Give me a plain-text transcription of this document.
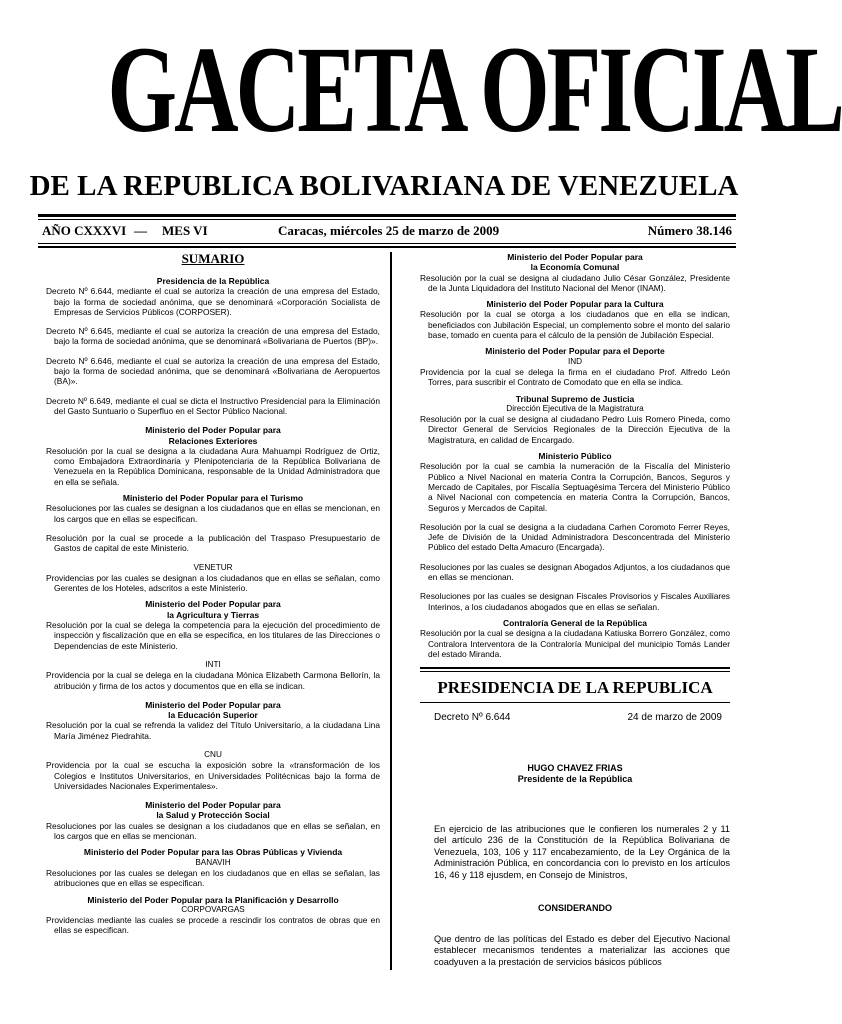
GACETA OFICIAL
DE LA REPUBLICA BOLIVARIANA DE VENEZUELA
AÑO CXXXVI — MES VI	Caracas, miércoles 25 de marzo de 2009	Número 38.146
SUMARIO
Presidencia de la República
Decreto Nº 6.644, mediante el cual se autoriza la creación de una empresa del Estado, bajo la forma de sociedad anónima, que se denominará «Corporación Socialista de Empresas de Servicios Públicos (CORPOSER).
Decreto Nº 6.645, mediante el cual se autoriza la creación de una empresa del Estado, bajo la forma de sociedad anónima, que se denominará «Bolivariana de Puertos (BP)».
Decreto Nº 6.646, mediante el cual se autoriza la creación de una empresa del Estado, bajo la forma de sociedad anónima, que se denominará «Bolivariana de Aeropuertos (BA)».
Decreto Nº 6.649, mediante el cual se dicta el Instructivo Presidencial para la Eliminación del Gasto Suntuario o Superfluo en el Sector Público Nacional.
Ministerio del Poder Popular para
Relaciones Exteriores
Resolución por la cual se designa a la ciudadana Aura Mahuampi Rodríguez de Ortiz, como Embajadora Extraordinaria y Plenipotenciaria de la República Bolivariana de Venezuela en la República Dominicana, responsable de la Unidad Administradora que en ella se señala.
Ministerio del Poder Popular para el Turismo
Resoluciones por las cuales se designan a los ciudadanos que en ellas se mencionan, en los cargos que en ellas se especifican.
Resolución por la cual se procede a la publicación del Traspaso Presupuestario de Gastos de capital de este Ministerio.
VENETUR
Providencias por las cuales se designan a los ciudadanos que en ellas se señalan, como Gerentes de los Hoteles, adscritos a este Ministerio.
Ministerio del Poder Popular para
la Agricultura y Tierras
Resolución por la cual se delega la competencia para la ejecución del procedimiento de inspección y fiscalización que en ella se especifica, en los titulares de las Direcciones o Dependencias de este Ministerio.
INTI
Providencia por la cual se delega en la ciudadana Mónica Elizabeth Carmona Bellorín, la atribución y firma de los actos y documentos que en ella se indican.
Ministerio del Poder Popular para
la Educación Superior
Resolución por la cual se refrenda la validez del Título Universitario, a la ciudadana Lina María Jiménez Piedrahita.
CNU
Providencia por la cual se escucha la exposición sobre la «transformación de los Colegios e Institutos Universitarios, en Universidades Politécnicas bajo la forma de Universidades Nacionales Experimentales».
Ministerio del Poder Popular para
la Salud y Protección Social
Resoluciones por las cuales se designan a los ciudadanos que en ellas se señalan, en los cargos que en ellas se mencionan.
Ministerio del Poder Popular para las Obras Públicas y Vivienda
BANAVIH
Resoluciones por las cuales se delegan en los ciudadanos que en ellas se señalan, las atribuciones que en ellas se especifican.
Ministerio del Poder Popular para la Planificación y Desarrollo
CORPOVARGAS
Providencias mediante las cuales se procede a rescindir los contratos de obras que en ellas se especifican.
Ministerio del Poder Popular para
la Economía Comunal
Resolución por la cual se designa al ciudadano Julio César González, Presidente de la Junta Liquidadora del Instituto Nacional del Menor (INAM).
Ministerio del Poder Popular para la Cultura
Resolución por la cual se otorga a los ciudadanos que en ella se indican, beneficiados con Jubilación Especial, un complemento sobre el monto del salario base, tomado en cuenta para el cálculo de la pensión de Jubilación Especial.
Ministerio del Poder Popular para el Deporte
IND
Providencia por la cual se delega la firma en el ciudadano Prof. Alfredo León Torres, para suscribir el Contrato de Comodato que en ella se indica.
Tribunal Supremo de Justicia
Dirección Ejecutiva de la Magistratura
Resolución por la cual se designa al ciudadano Pedro Luis Romero Pineda, como Director General de Servicios Regionales de la Dirección Ejecutiva de la Magistratura, en calidad de Encargado.
Ministerio Público
Resolución por la cual se cambia la numeración de la Fiscalía del Ministerio Público a Nivel Nacional en materia Contra la Corrupción, Bancos, Seguros y Mercado de Capitales, por Fiscalía Septuagésima Tercera del Ministerio Público a Nivel Nacional con competencia en materia Contra la Corrupción, Bancos, Seguros y Mercados de Capital.
Resolución por la cual se designa a la ciudadana Carhen Coromoto Ferrer Reyes, Jefe de División de la Unidad Administradora Desconcentrada del Ministerio Público del estado Delta Amacuro (Encargada).
Resoluciones por las cuales se designan Abogados Adjuntos, a los ciudadanos que en ellas se mencionan.
Resoluciones por las cuales se designan Fiscales Provisorios y Fiscales Auxiliares Interinos, a los ciudadanos abogados que en ellas se señalan.
Contraloría General de la República
Resolución por la cual se designa a la ciudadana Katiuska Borrero González, como Contralora Interventora de la Contraloría Municipal del municipio Tomás Lander del estado Miranda.
PRESIDENCIA DE LA REPUBLICA
Decreto Nº 6.644	24 de marzo de 2009
HUGO CHAVEZ FRIAS
Presidente de la República
En ejercicio de las atribuciones que le confieren los numerales 2 y 11 del artículo 236 de la Constitución de la República Bolivariana de Venezuela, 103, 106 y 117 encabezamiento, de la Ley Orgánica de la Administración Pública, en concordancia con lo previsto en los artículos 16, 46 y 118 ejusdem, en Consejo de Ministros,
CONSIDERANDO
Que dentro de las políticas del Estado es deber del Ejecutivo Nacional establecer mecanismos tendentes a materializar las acciones que coadyuven a la prestación de servicios básicos públicos
